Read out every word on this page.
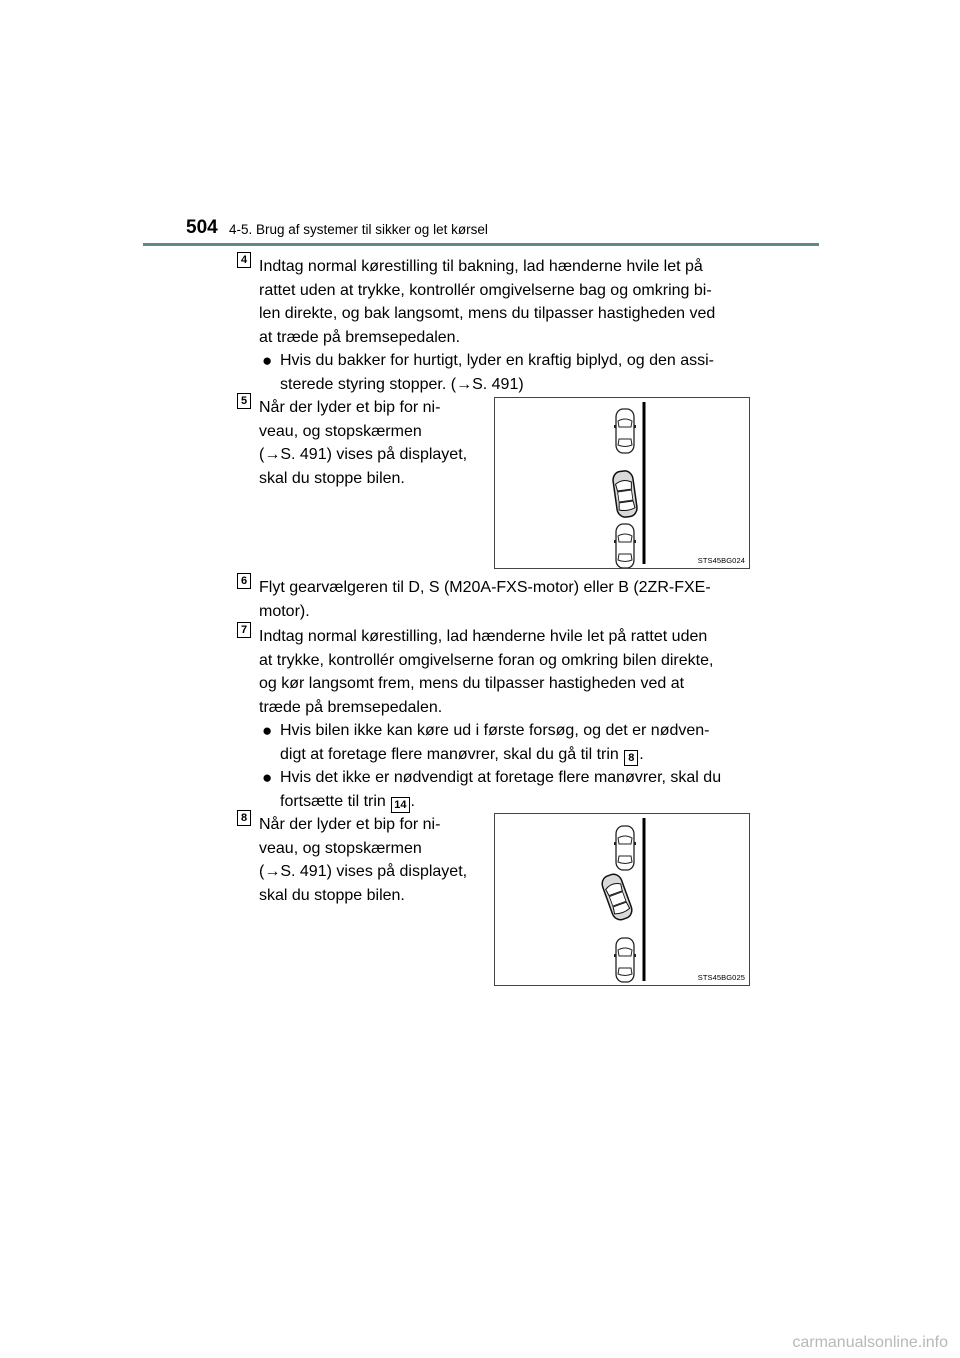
504 4-5. Brug af systemer til sikker og let kørsel
4 Indtag normal kørestilling til bakning, lad hænderne hvile let på
rattet uden at trykke, kontrollér omgivelserne bag og omkring bi-
len direkte, og bak langsomt, mens du tilpasser hastigheden ved
at træde på bremsepedalen.
● Hvis du bakker for hurtigt, lyder en kraftig biplyd, og den assi-
sterede styring stopper. (→S. 491)
5 Når der lyder et bip for ni-
veau, og stopskærmen
(→S. 491) vises på displayet,
skal du stoppe bilen.
STS45BG024
6 Flyt gearvælgeren til D, S (M20A-FXS-motor) eller B (2ZR-FXE-
motor).
7 Indtag normal kørestilling, lad hænderne hvile let på rattet uden
at trykke, kontrollér omgivelserne foran og omkring bilen direkte,
og kør langsomt frem, mens du tilpasser hastigheden ved at
træde på bremsepedalen.
● Hvis bilen ikke kan køre ud i første forsøg, og det er nødven-
digt at foretage flere manøvrer, skal du gå til trin 8 .
● Hvis det ikke er nødvendigt at foretage flere manøvrer, skal du
fortsætte til trin 14 .
8 Når der lyder et bip for ni-
veau, og stopskærmen
(→S. 491) vises på displayet,
skal du stoppe bilen.
STS45BG025
carmanualsonline.info
